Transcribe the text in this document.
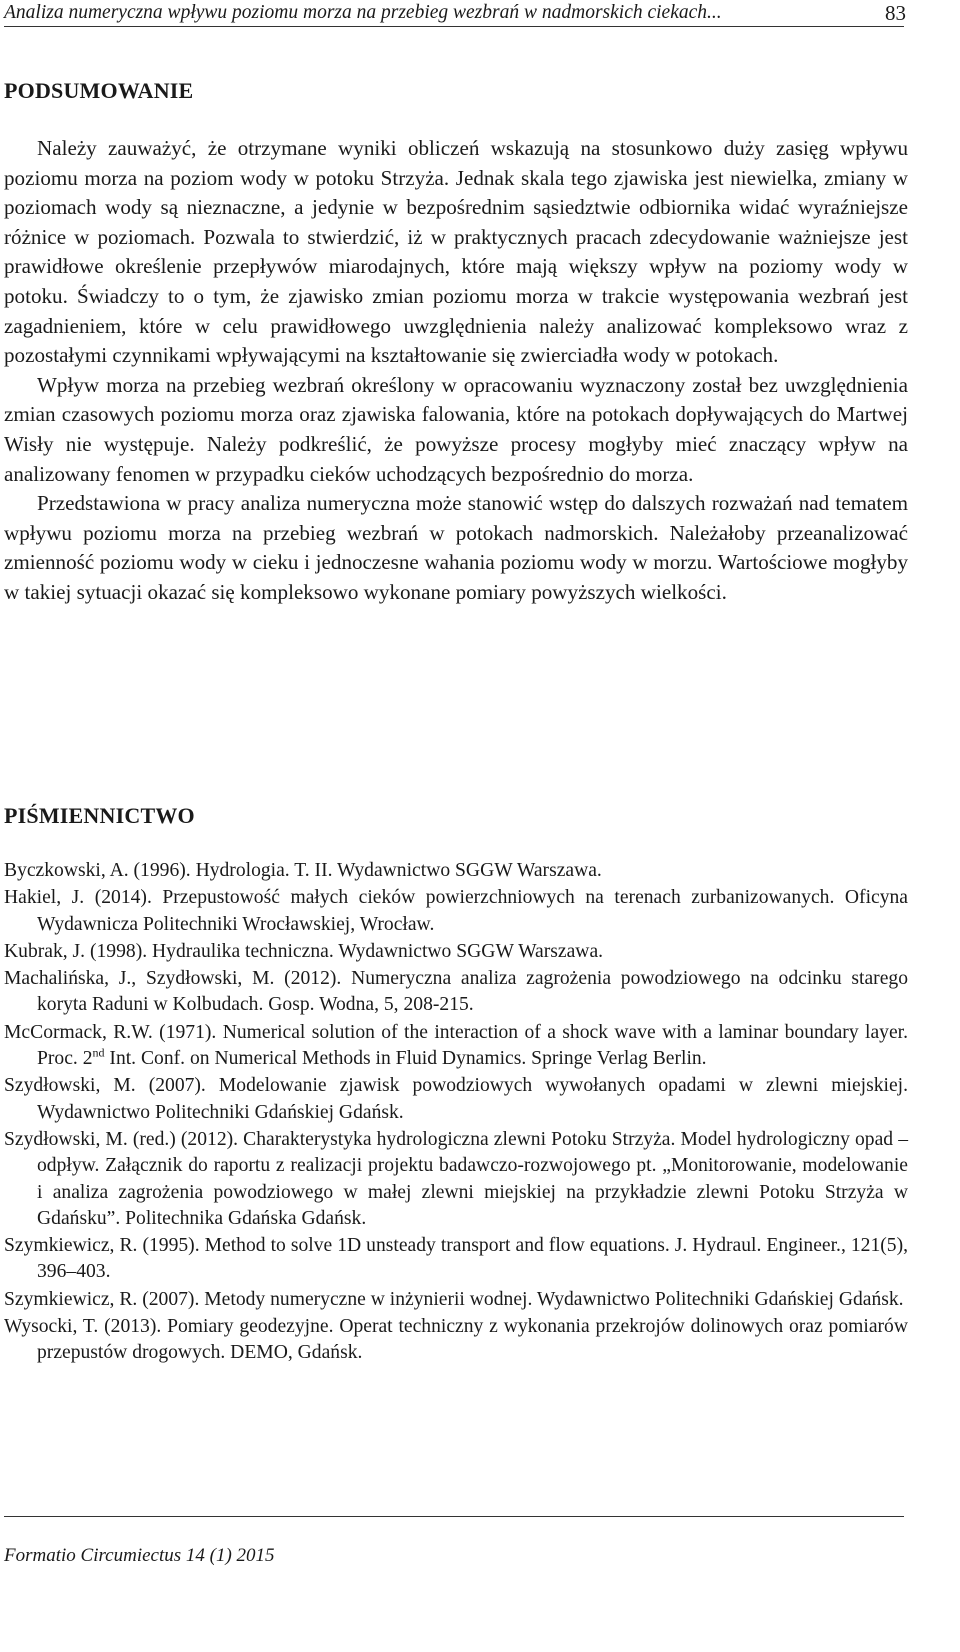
Analiza numeryczna wpływu poziomu morza na przebieg wezbrań w nadmorskich ciekach...	83
PODSUMOWANIE

Należy zauważyć, że otrzymane wyniki obliczeń wskazują na stosunkowo duży zasięg wpływu poziomu morza na poziom wody w potoku Strzyża. Jednak skala tego zjawiska jest niewielka, zmiany w poziomach wody są nieznaczne, a jedynie w bezpośrednim sąsiedztwie odbiornika widać wyraźniejsze różnice w poziomach. Pozwala to stwierdzić, iż w praktycznych pracach zdecydowanie ważniejsze jest prawidłowe określenie przepływów miarodajnych, które mają większy wpływ na poziomy wody w potoku. Świadczy to o tym, że zjawisko zmian poziomu morza w trakcie występowania wezbrań jest zagadnieniem, które w celu prawidłowego uwzględnienia należy analizować kompleksowo wraz z pozostałymi czynnikami wpływającymi na kształtowanie się zwierciadła wody w potokach.

Wpływ morza na przebieg wezbrań określony w opracowaniu wyznaczony został bez uwzględnienia zmian czasowych poziomu morza oraz zjawiska falowania, które na potokach dopływających do Martwej Wisły nie występuje. Należy podkreślić, że powyższe procesy mogłyby mieć znaczący wpływ na analizowany fenomen w przypadku cieków uchodzących bezpośrednio do morza.

Przedstawiona w pracy analiza numeryczna może stanowić wstęp do dalszych rozważań nad tematem wpływu poziomu morza na przebieg wezbrań w potokach nadmorskich. Należałoby przeanalizować zmienność poziomu wody w cieku i jednoczesne wahania poziomu wody w morzu. Wartościowe mogłyby w takiej sytuacji okazać się kompleksowo wykonane pomiary powyższych wielkości.

PIŚMIENNICTWO
Byczkowski, A. (1996). Hydrologia. T. II. Wydawnictwo SGGW Warszawa.
Hakiel, J. (2014). Przepustowość małych cieków powierzchniowych na terenach zurbanizowanych. Oficyna Wydawnicza Politechniki Wrocławskiej, Wrocław.
Kubrak, J. (1998). Hydraulika techniczna. Wydawnictwo SGGW Warszawa.
Machalińska, J., Szydłowski, M. (2012). Numeryczna analiza zagrożenia powodziowego na odcinku starego koryta Raduni w Kolbudach. Gosp. Wodna, 5, 208-215.
McCormack, R.W. (1971). Numerical solution of the interaction of a shock wave with a laminar boundary layer. Proc. 2nd Int. Conf. on Numerical Methods in Fluid Dynamics. Springe Verlag Berlin.
Szydłowski, M. (2007). Modelowanie zjawisk powodziowych wywołanych opadami w zlewni miejskiej. Wydawnictwo Politechniki Gdańskiej Gdańsk.
Szydłowski, M. (red.) (2012). Charakterystyka hydrologiczna zlewni Potoku Strzyża. Model hydrologiczny opad – odpływ. Załącznik do raportu z realizacji projektu badawczo-rozwojowego pt. „Monitorowanie, modelowanie i analiza zagrożenia powodziowego w małej zlewni miejskiej na przykładzie zlewni Potoku Strzyża w Gdańsku”. Politechnika Gdańska Gdańsk.
Szymkiewicz, R. (1995). Method to solve 1D unsteady transport and flow equations. J. Hydraul. Engineer., 121(5), 396–403.
Szymkiewicz, R. (2007). Metody numeryczne w inżynierii wodnej. Wydawnictwo Politechniki Gdańskiej Gdańsk.
Wysocki, T. (2013). Pomiary geodezyjne. Operat techniczny z wykonania przekrojów dolinowych oraz pomiarów przepustów drogowych. DEMO, Gdańsk.
Formatio Circumiectus 14 (1) 2015
